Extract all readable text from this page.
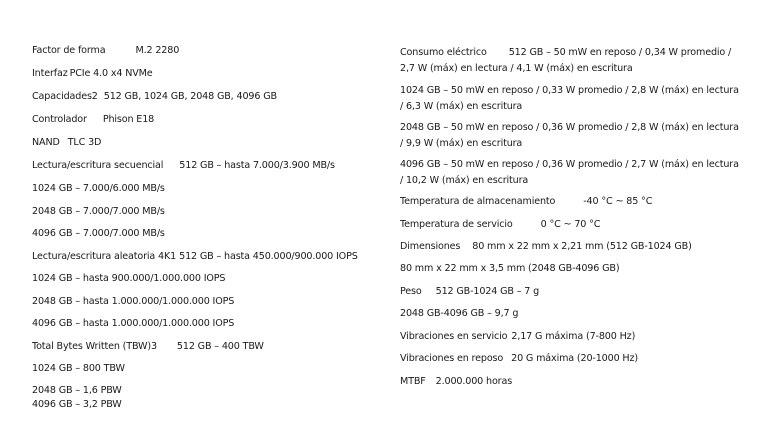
Factor de forma	M.2 2280
Interfaz PCIe 4.0 x4 NVMe
Capacidades2 512 GB, 1024 GB, 2048 GB, 4096 GB
Controlador Phison E18
NAND TLC 3D
Lectura/escritura secuencial 512 GB – hasta 7.000/3.900 MB/s
1024 GB – 7.000/6.000 MB/s
2048 GB – 7.000/7.000 MB/s
4096 GB – 7.000/7.000 MB/s
Lectura/escritura aleatoria 4K1 512 GB – hasta 450.000/900.000 IOPS
1024 GB – hasta 900.000/1.000.000 IOPS
2048 GB – hasta 1.000.000/1.000.000 IOPS
4096 GB – hasta 1.000.000/1.000.000 IOPS
Total Bytes Written (TBW)3 512 GB – 400 TBW
1024 GB – 800 TBW
2048 GB – 1,6 PBW
4096 GB – 3,2 PBW
Consumo eléctrico 512 GB – 50 mW en reposo / 0,34 W promedio / 2,7 W (máx) en lectura / 4,1 W (máx) en escritura
1024 GB – 50 mW en reposo / 0,33 W promedio / 2,8 W (máx) en lectura / 6,3 W (máx) en escritura
2048 GB – 50 mW en reposo / 0,36 W promedio / 2,8 W (máx) en lectura / 9,9 W (máx) en escritura
4096 GB – 50 mW en reposo / 0,36 W promedio / 2,7 W (máx) en lectura / 10,2 W (máx) en escritura
Temperatura de almacenamiento	-40 °C ~ 85 °C
Temperatura de servicio	0 °C ~ 70 °C
Dimensiones 80 mm x 22 mm x 2,21 mm (512 GB-1024 GB)
80 mm x 22 mm x 3,5 mm (2048 GB-4096 GB)
Peso 512 GB-1024 GB – 7 g
2048 GB-4096 GB – 9,7 g
Vibraciones en servicio 2,17 G máxima (7-800 Hz)
Vibraciones en reposo 20 G máxima (20-1000 Hz)
MTBF 2.000.000 horas
